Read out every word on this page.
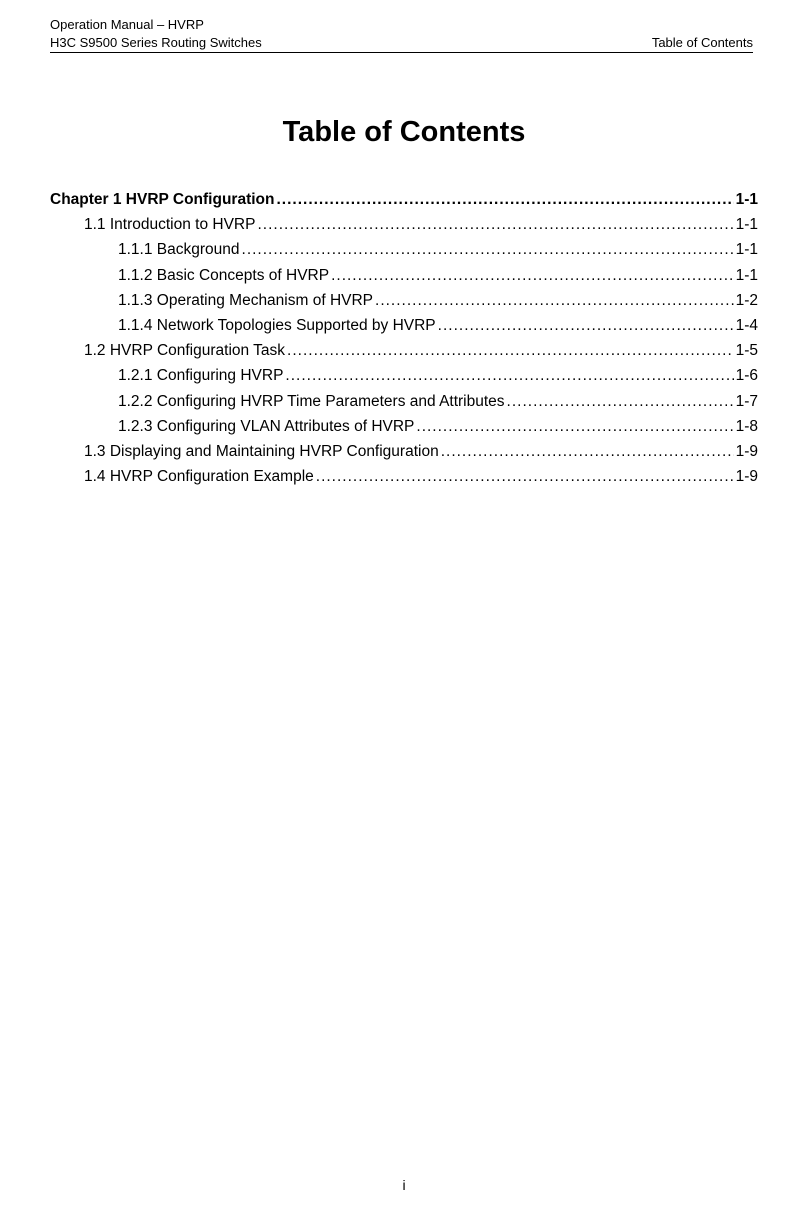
Operation Manual – HVRP
H3C S9500 Series Routing Switches	Table of Contents
Table of Contents
Chapter 1 HVRP Configuration .....	1-1
1.1 Introduction to HVRP .....	1-1
1.1.1 Background .....	1-1
1.1.2 Basic Concepts of HVRP .....	1-1
1.1.3 Operating Mechanism of HVRP .....	1-2
1.1.4 Network Topologies Supported by HVRP .....	1-4
1.2 HVRP Configuration Task .....	1-5
1.2.1 Configuring HVRP .....	1-6
1.2.2 Configuring HVRP Time Parameters and Attributes .....	1-7
1.2.3 Configuring VLAN Attributes of HVRP .....	1-8
1.3 Displaying and Maintaining HVRP Configuration .....	1-9
1.4 HVRP Configuration Example .....	1-9
i
